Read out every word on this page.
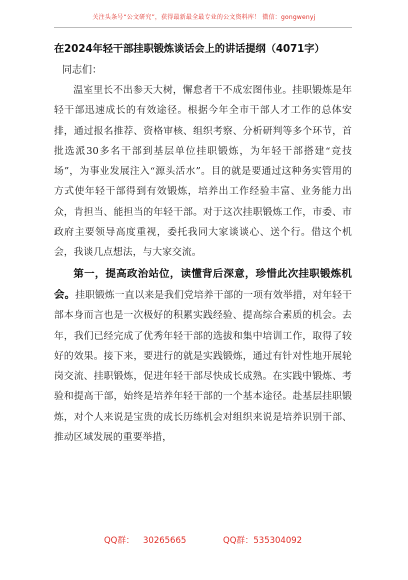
关注头条号“公文研究”，获得最新最全最专业的公文资料库！ 微信：gongwenyj
在2024年轻干部挂职锻炼谈话会上的讲话提纲（4071字）
同志们：

温室里长不出参天大树，懈怠者干不成宏图伟业。挂职锻炼是年轻干部迅速成长的有效途径。根据今年全市干部人才工作的总体安排，通过报名推荐、资格审核、组织考察、分析研判等多个环节，首批选派30多名干部到基层单位挂职锻炼，为年轻干部搭建“竞技场”，为事业发展注入“源头活水”。目的就是要通过这种务实管用的方式使年轻干部得到有效锻炼，培养出工作经验丰富、业务能力出众，肯担当、能担当的年轻干部。对于这次挂职锻炼工作，市委、市政府主要领导高度重视，委托我同大家谈谈心、送个行。借这个机会，我谈几点想法，与大家交流。

第一，提高政治站位，读懂背后深意，珍惜此次挂职锻炼机会。挂职锻炼一直以来是我们党培养干部的一项有效举措，对年轻干部本身而言也是一次极好的积累实践经验、提高综合素质的机会。去年，我们已经完成了优秀年轻干部的选拔和集中培训工作，取得了较好的效果。接下来，要进行的就是实践锻炼，通过有针对性地开展轮岗交流、挂职锻炼，促进年轻干部尽快成长成熟。在实践中锻炼、考验和提高干部，始终是培养年轻干部的一个基本途径。赴基层挂职锻炼，对个人来说是宝贵的成长历练机会对组织来说是培养识别干部、推动区域发展的重要举措，

QQ群： 30265665	QQ群：535304092
